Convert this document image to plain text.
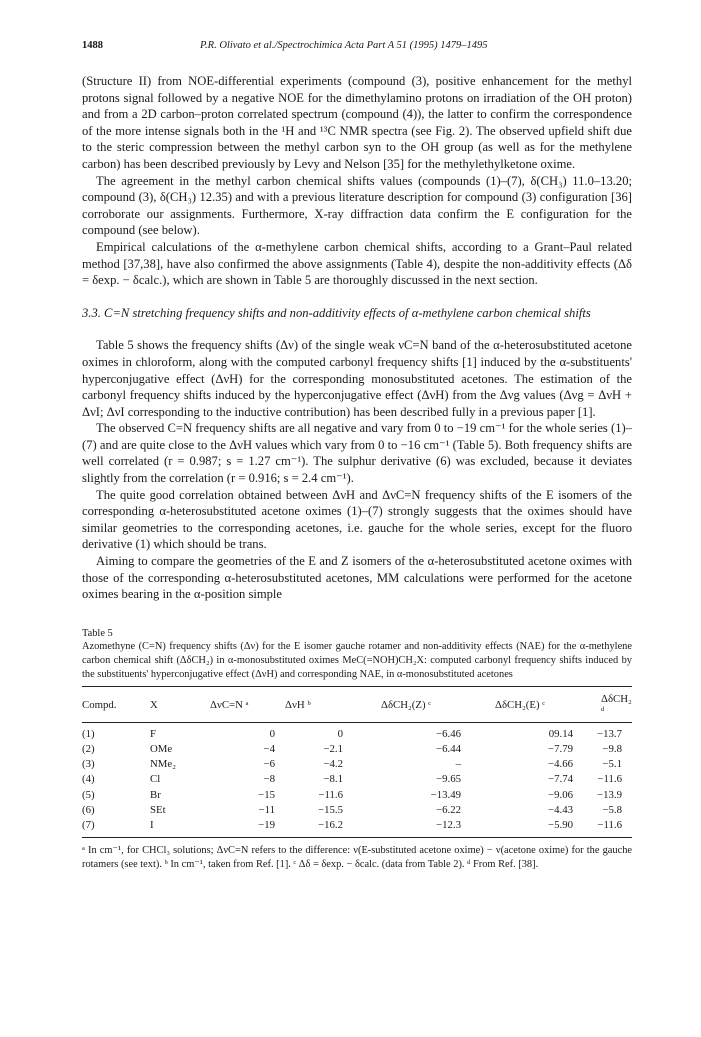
1488	P.R. Olivato et al./Spectrochimica Acta Part A 51 (1995) 1479–1495

(Structure II) from NOE-differential experiments (compound (3), positive enhancement for the methyl protons signal followed by a negative NOE for the dimethylamino protons on irradiation of the OH proton) and from a 2D carbon–proton correlated spectrum (compound (4)), the latter to confirm the correspondence of the more intense signals both in the ¹H and ¹³C NMR spectra (see Fig. 2). The observed upfield shift due to the steric compression between the methyl carbon syn to the OH group (as well as for the methylene carbon) has been described previously by Levy and Nelson [35] for the methylethylketone oxime.

The agreement in the methyl carbon chemical shifts values (compounds (1)–(7), δ(CH₃) 11.0–13.20; compound (3), δ(CH₃) 12.35) and with a previous literature description for compound (3) configuration [36] corroborate our assignments. Furthermore, X-ray diffraction data confirm the E configuration for the compound (see below).

Empirical calculations of the α-methylene carbon chemical shifts, according to a Grant–Paul related method [37,38], have also confirmed the above assignments (Table 4), despite the non-additivity effects (Δδ = δexp. − δcalc.), which are shown in Table 5 are thoroughly discussed in the next section.

3.3. C=N stretching frequency shifts and non-additivity effects of α-methylene carbon chemical shifts

Table 5 shows the frequency shifts (Δν) of the single weak νC=N band of the α-heterosubstituted acetone oximes in chloroform, along with the computed carbonyl frequency shifts [1] induced by the α-substituents' hyperconjugative effect (ΔνH) for the corresponding monosubstituted acetones. The estimation of the carbonyl frequency shifts induced by the hyperconjugative effect (ΔνH) from the Δνg values (Δνg = ΔνH + ΔνI; ΔνI corresponding to the inductive contribution) has been described fully in a previous paper [1].

The observed C=N frequency shifts are all negative and vary from 0 to −19 cm⁻¹ for the whole series (1)–(7) and are quite close to the ΔνH values which vary from 0 to −16 cm⁻¹ (Table 5). Both frequency shifts are well correlated (r = 0.987; s = 1.27 cm⁻¹). The sulphur derivative (6) was excluded, because it deviates slightly from the correlation (r = 0.916; s = 2.4 cm⁻¹).

The quite good correlation obtained between ΔνH and ΔνC=N frequency shifts of the E isomers of the corresponding α-heterosubstituted acetone oximes (1)–(7) strongly suggests that the oximes should have similar geometries to the corresponding acetones, i.e. gauche for the whole series, except for the fluoro derivative (1) which should be trans.

Aiming to compare the geometries of the E and Z isomers of the α-heterosubstituted acetone oximes with those of the corresponding α-heterosubstituted acetones, MM calculations were performed for the acetone oximes bearing in the α-position simple

Table 5
Azomethyne (C=N) frequency shifts (Δν) for the E isomer gauche rotamer and non-additivity effects (NAE) for the α-methylene carbon chemical shift (ΔδCH₂) in α-monosubstituted oximes MeC(=NOH)CH₂X: computed carbonyl frequency shifts induced by the substituents' hyperconjugative effect (ΔνH) and corresponding NAE, in α-monosubstituted acetones
Compd.	X	ΔνC=N ᵃ	ΔνH ᵇ	ΔδCH₂(Z) ᶜ	ΔδCH₂(E) ᶜ	ΔδCH₂ ᵈ
(1)	F	0	0	−6.46	09.14	−13.7
(2)	OMe	−4	−2.1	−6.44	−7.79	−9.8
(3)	NMe₂	−6	−4.2	–	−4.66	−5.1
(4)	Cl	−8	−8.1	−9.65	−7.74	−11.6
(5)	Br	−15	−11.6	−13.49	−9.06	−13.9
(6)	SEt	−11	−15.5	−6.22	−4.43	−5.8
(7)	I	−19	−16.2	−12.3	−5.90	−11.6
ᵃ In cm⁻¹, for CHCl₃ solutions; ΔνC=N refers to the difference: ν(E-substituted acetone oxime) − ν(acetone oxime) for the gauche rotamers (see text). ᵇ In cm⁻¹, taken from Ref. [1]. ᶜ Δδ = δexp. − δcalc. (data from Table 2). ᵈ From Ref. [38].
